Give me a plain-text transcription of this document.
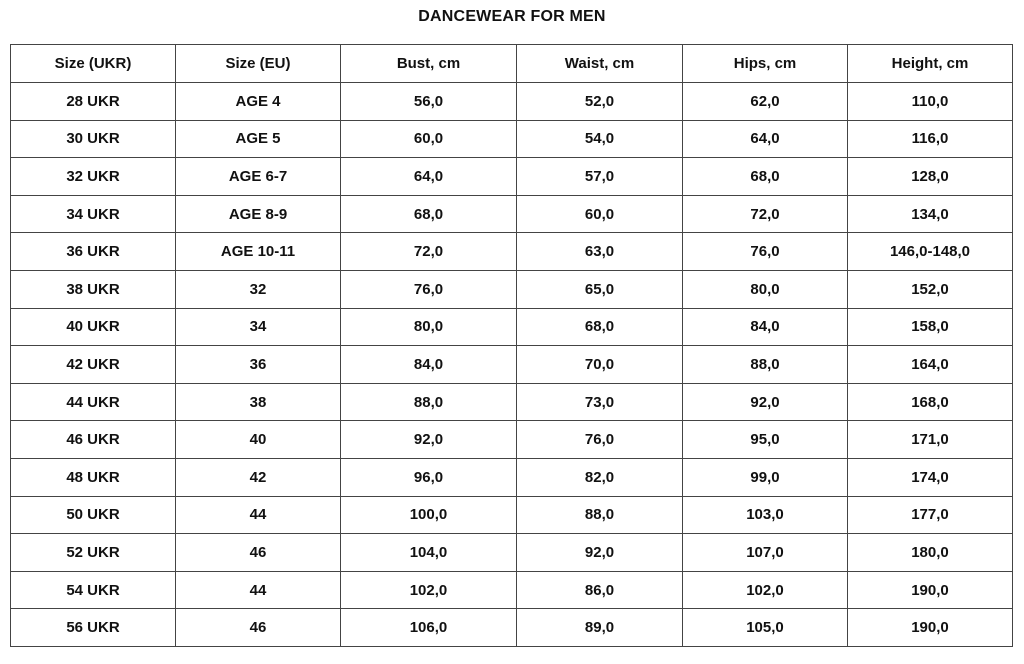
DANCEWEAR FOR MEN
Size (UKR)	Size (EU)	Bust, cm	Waist, cm	Hips, cm	Height, cm
28 UKR	AGE 4	56,0	52,0	62,0	110,0
30 UKR	AGE 5	60,0	54,0	64,0	116,0
32 UKR	AGE 6-7	64,0	57,0	68,0	128,0
34 UKR	AGE 8-9	68,0	60,0	72,0	134,0
36 UKR	AGE 10-11	72,0	63,0	76,0	146,0-148,0
38 UKR	32	76,0	65,0	80,0	152,0
40 UKR	34	80,0	68,0	84,0	158,0
42 UKR	36	84,0	70,0	88,0	164,0
44 UKR	38	88,0	73,0	92,0	168,0
46 UKR	40	92,0	76,0	95,0	171,0
48 UKR	42	96,0	82,0	99,0	174,0
50 UKR	44	100,0	88,0	103,0	177,0
52 UKR	46	104,0	92,0	107,0	180,0
54 UKR	44	102,0	86,0	102,0	190,0
56 UKR	46	106,0	89,0	105,0	190,0
